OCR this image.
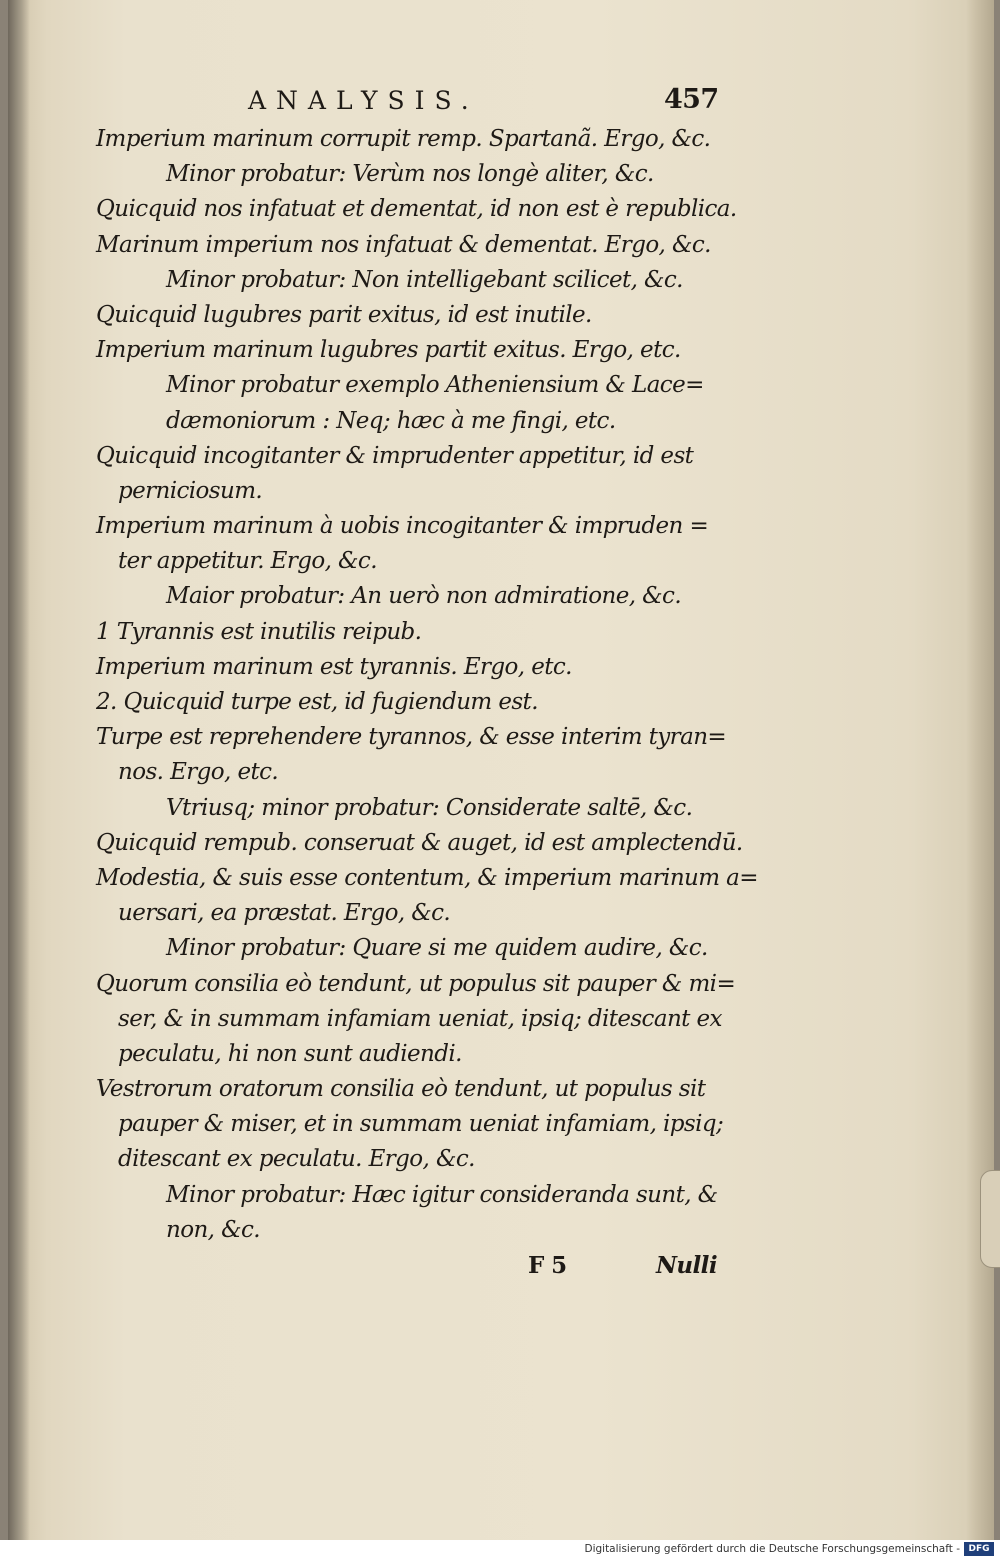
ANALYSIS.	457
Imperium marinum corrupit remp. Spartanã. Ergo, &c.
Minor probatur: Verùm nos longè aliter, &c.
Quicquid nos infatuat et dementat, id non est è republica.
Marinum imperium nos infatuat & dementat. Ergo, &c.
Minor probatur: Non intelligebant scilicet, &c.
Quicquid lugubres parit exitus, id est inutile.
Imperium marinum lugubres partit exitus. Ergo, etc.
Minor probatur exemplo Atheniensium & Lace=
dæmoniorum : Neq; hæc à me fingi, etc.
Quicquid incogitanter & imprudenter appetitur, id est
perniciosum.
Imperium marinum à uobis incogitanter & impruden =
ter appetitur. Ergo, &c.
Maior probatur: An uerò non admiratione, &c.
1 Tyrannis est inutilis reipub.
Imperium marinum est tyrannis. Ergo, etc.
2. Quicquid turpe est, id fugiendum est.
Turpe est reprehendere tyrannos, & esse interim tyran=
nos. Ergo, etc.
Vtriusq; minor probatur: Considerate saltē, &c.
Quicquid rempub. conseruat & auget, id est amplectendū.
Modestia, & suis esse contentum, & imperium marinum a=
uersari, ea præstat. Ergo, &c.
Minor probatur: Quare si me quidem audire, &c.
Quorum consilia eò tendunt, ut populus sit pauper & mi=
ser, & in summam infamiam ueniat, ipsiq; ditescant ex
peculatu, hi non sunt audiendi.
Vestrorum oratorum consilia eò tendunt, ut populus sit
pauper & miser, et in summam ueniat infamiam, ipsiq;
ditescant ex peculatu. Ergo, &c.
Minor probatur: Hæc igitur consideranda sunt, &
non, &c.
F 5	Nulli
Digitalisierung gefördert durch die Deutsche Forschungsgemeinschaft - DFG
